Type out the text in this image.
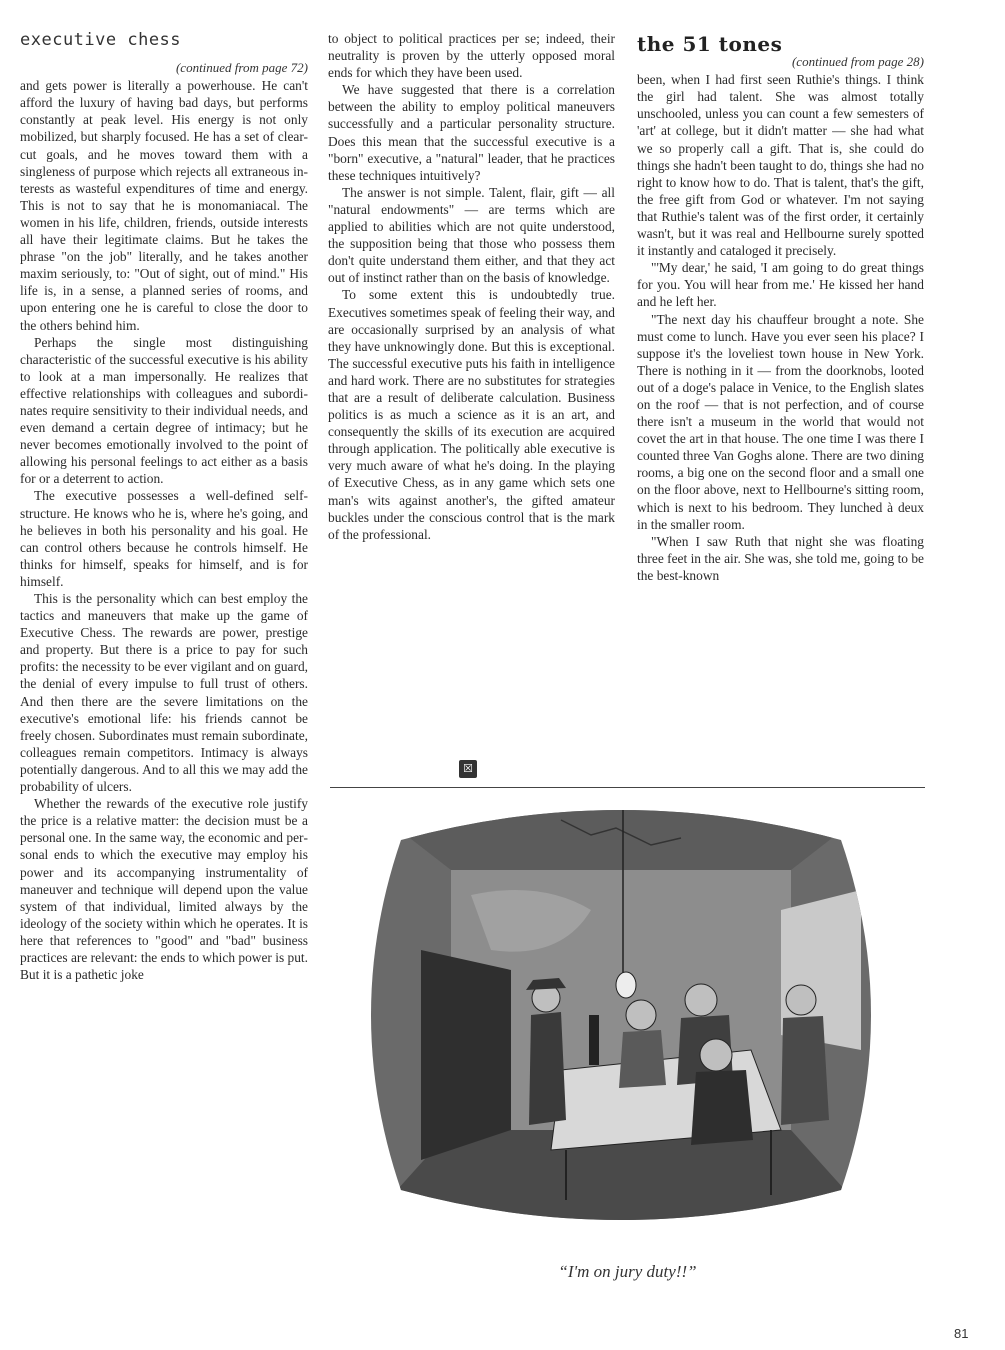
executive chess
(continued from page 72)

and gets power is literally a powerhouse. He can't afford the luxury of having bad days, but performs constantly at peak level. His energy is not only mobilized, but sharply focused. He has a set of clear-cut goals, and he moves toward them with a singleness of purpose which rejects all extraneous interests as wasteful expenditures of time and energy. This is not to say that he is monomaniacal. The women in his life, children, friends, outside interests all have their legitimate claims. But he takes the phrase "on the job" literally, and he takes another maxim seriously, to: "Out of sight, out of mind." His life is, in a sense, a planned series of rooms, and upon entering one he is careful to close the door to the others behind him.

Perhaps the single most distinguishing characteristic of the successful executive is his ability to look at a man impersonally. He realizes that effective relationships with colleagues and subordinates require sensitivity to their individual needs, and even demand a certain degree of intimacy; but he never becomes emotionally involved to the point of allowing his personal feelings to act either as a basis for or a deterrent to action.

The executive possesses a well-defined self-structure. He knows who he is, where he's going, and he believes in both his personality and his goal. He can control others because he controls himself. He thinks for himself, speaks for himself, and is for himself.

This is the personality which can best employ the tactics and maneuvers that make up the game of Executive Chess. The rewards are power, prestige and property. But there is a price to pay for such profits: the necessity to be ever vigilant and on guard, the denial of every impulse to full trust of others. And then there are the severe limitations on the executive's emotional life: his friends cannot be freely chosen. Subordinates must remain subordinate, colleagues remain competitors. Intimacy is always potentially dangerous. And to all this we may add the probability of ulcers.

Whether the rewards of the executive role justify the price is a relative matter: the decision must be a personal one. In the same way, the economic and personal ends to which the executive may employ his power and its accompanying instrumentality of maneuver and technique will depend upon the value system of that individual, limited always by the ideology of the society within which he operates. It is here that references to "good" and "bad" business practices are relevant: the ends to which power is put. But it is a pathetic joke

to object to political practices per se; indeed, their neutrality is proven by the utterly opposed moral ends for which they have been used.

We have suggested that there is a correlation between the ability to employ political maneuvers successfully and a particular personality structure. Does this mean that the successful executive is a "born" executive, a "natural" leader, that he practices these techniques intuitively?

The answer is not simple. Talent, flair, gift — all "natural endowments" — are terms which are applied to abilities which are not quite understood, the supposition being that those who possess them don't quite understand them either, and that they act out of instinct rather than on the basis of knowledge.

To some extent this is undoubtedly true. Executives sometimes speak of feeling their way, and are occasionally surprised by an analysis of what they have unknowingly done. But this is exceptional. The successful executive puts his faith in intelligence and hard work. There are no substitutes for strategies that are a result of deliberate calculation. Business politics is as much a science as it is an art, and consequently the skills of its execution are acquired through application. The politically able executive is very much aware of what he's doing. In the playing of Executive Chess, as in any game which sets one man's wits against another's, the gifted amateur buckles under the conscious control that is the mark of the professional.

☒
the 51 tones
(continued from page 28)

been, when I had first seen Ruthie's things. I think the girl had talent. She was almost totally unschooled, unless you can count a few semesters of 'art' at college, but it didn't matter — she had what we so properly call a gift. That is, she could do things she hadn't been taught to do, things she had no right to know how to do. That is talent, that's the gift, the free gift from God or whatever. I'm not saying that Ruthie's talent was of the first order, it certainly wasn't, but it was real and Hellbourne surely spotted it instantly and cataloged it precisely.

"'My dear,' he said, 'I am going to do great things for you. You will hear from me.' He kissed her hand and he left her.

"The next day his chauffeur brought a note. She must come to lunch. Have you ever seen his place? I suppose it's the loveliest town house in New York. There is nothing in it — from the doorknobs, looted out of a doge's palace in Venice, to the English slates on the roof — that is not perfection, and of course there isn't a museum in the world that would not covet the art in that house. The one time I was there I counted three Van Goghs alone. There are two dining rooms, a big one on the second floor and a small one on the floor above, next to Hellbourne's sitting room, which is next to his bedroom. They lunched à deux in the smaller room.

"When I saw Ruth that night she was floating three feet in the air. She was, she told me, going to be the best-known

“I'm on jury duty!!”
81
